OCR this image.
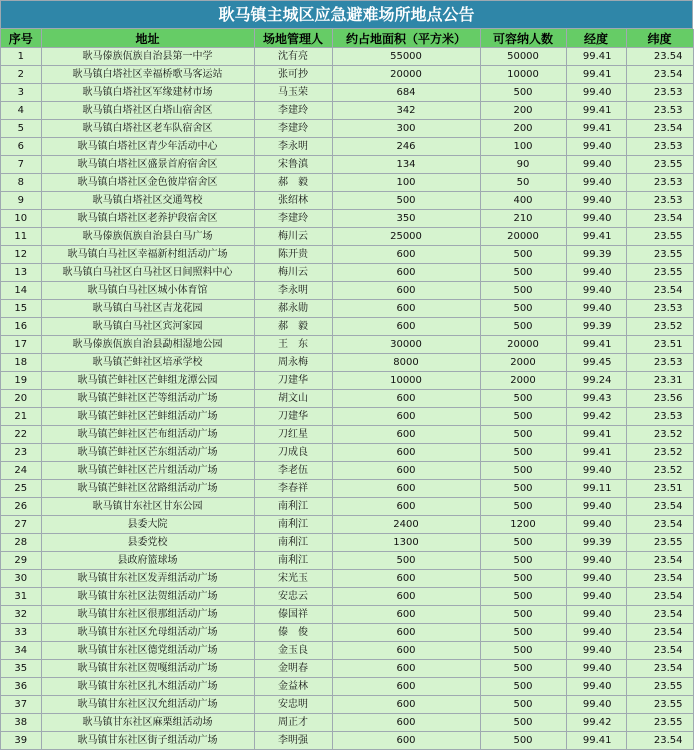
耿马镇主城区应急避难场所地点公告
序号	地址	场地管理人	约占地面积（平方米）	可容纳人数	经度	纬度
1	耿马傣族佤族自治县第一中学	沈有亮	55000	50000	99.41	23.54
2	耿马镇白塔社区幸福桥歌马客运站	张可抄	20000	10000	99.41	23.54
3	耿马镇白塔社区军缘建材市场	马玉荣	684	500	99.40	23.53
4	耿马镇白塔社区白塔山宿舍区	李建玲	342	200	99.41	23.53
5	耿马镇白塔社区老车队宿舍区	李建玲	300	200	99.41	23.54
6	耿马镇白塔社区青少年活动中心	李永明	246	100	99.40	23.53
7	耿马镇白塔社区盛景首府宿舍区	宋鲁滇	134	90	99.40	23.55
8	耿马镇白塔社区金色彼岸宿舍区	郝　毅	100	50	99.40	23.53
9	耿马镇白塔社区交通驾校	张绍林	500	400	99.40	23.53
10	耿马镇白塔社区老养护段宿舍区	李建玲	350	210	99.40	23.54
11	耿马傣族佤族自治县白马广场	梅川云	25000	20000	99.41	23.55
12	耿马镇白马社区幸福新村组活动广场	陈开贵	600	500	99.39	23.55
13	耿马镇白马社区白马社区日间照料中心	梅川云	600	500	99.40	23.55
14	耿马镇白马社区城小体育馆	李永明	600	500	99.40	23.54
15	耿马镇白马社区吉龙花园	郝永勋	600	500	99.40	23.53
16	耿马镇白马社区宾河家园	郝　毅	600	500	99.39	23.52
17	耿马傣族佤族自治县勐相湿地公园	王　东	30000	20000	99.41	23.51
18	耿马镇芒蚌社区培承学校	周永梅	8000	2000	99.45	23.53
19	耿马镇芒蚌社区芒蚌组龙潭公园	刀建华	10000	2000	99.24	23.31
20	耿马镇芒蚌社区芒等组活动广场	胡文山	600	500	99.43	23.56
21	耿马镇芒蚌社区芒蚌组活动广场	刀建华	600	500	99.42	23.53
22	耿马镇芒蚌社区芒布组活动广场	刀红星	600	500	99.41	23.52
23	耿马镇芒蚌社区芒东组活动广场	刀成良	600	500	99.41	23.52
24	耿马镇芒蚌社区芒片组活动广场	李老伍	600	500	99.40	23.52
25	耿马镇芒蚌社区岔路组活动广场	李春祥	600	500	99.11	23.51
26	耿马镇甘东社区甘东公园	南利江	600	500	99.40	23.54
27	县委大院	南利江	2400	1200	99.40	23.54
28	县委党校	南利江	1300	500	99.39	23.55
29	县政府篮球场	南利江	500	500	99.40	23.54
30	耿马镇甘东社区发弄组活动广场	宋光玉	600	500	99.40	23.54
31	耿马镇甘东社区法贺组活动广场	安忠云	600	500	99.40	23.54
32	耿马镇甘东社区很那组活动广场	傣国祥	600	500	99.40	23.54
33	耿马镇甘东社区允母组活动广场	傣　俊	600	500	99.40	23.54
34	耿马镇甘东社区德党组活动广场	金玉良	600	500	99.40	23.54
35	耿马镇甘东社区贺嘎组活动广场	金明春	600	500	99.40	23.54
36	耿马镇甘东社区扎木组活动广场	金益林	600	500	99.40	23.55
37	耿马镇甘东社区汉允组活动广场	安忠明	600	500	99.40	23.55
38	耿马镇甘东社区麻栗组活动场	周正才	600	500	99.42	23.55
39	耿马镇甘东社区街子组活动广场	李明强	600	500	99.41	23.54
